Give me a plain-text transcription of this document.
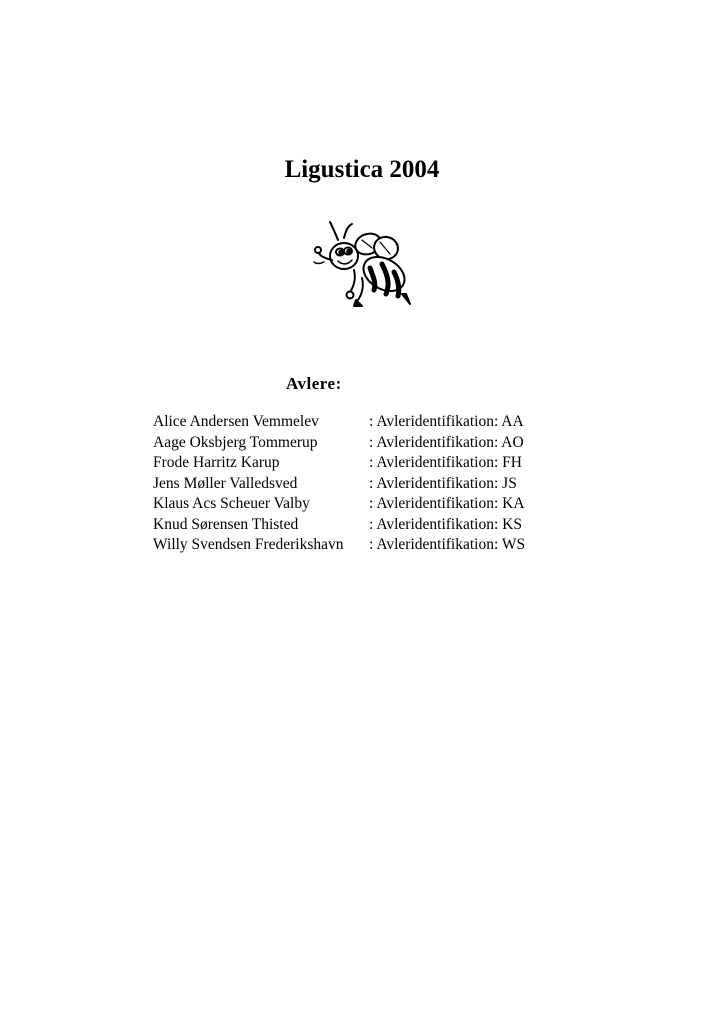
Ligustica 2004
Avlere:
Alice Andersen Vemmelev	: Avleridentifikation: AA
Aage Oksbjerg Tommerup	: Avleridentifikation: AO
Frode Harritz Karup	: Avleridentifikation: FH
Jens Møller Valledsved	: Avleridentifikation: JS
Klaus Acs Scheuer Valby	: Avleridentifikation: KA
Knud Sørensen Thisted	: Avleridentifikation: KS
Willy Svendsen Frederikshavn : Avleridentifikation: WS
